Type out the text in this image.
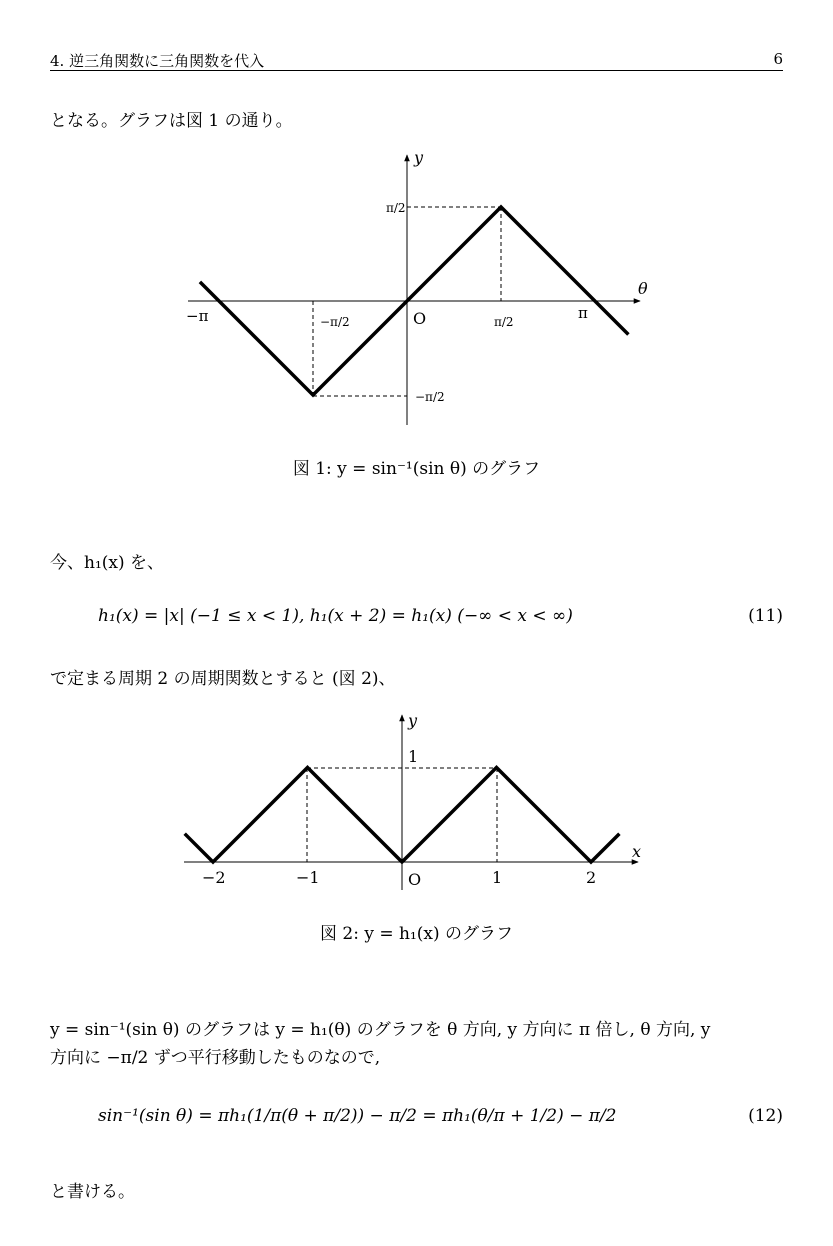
4. 逆三角関数に三角関数を代入	6
となる。グラフは図 1 の通り。
y
θ
O
−π	−π/2	π/2	π
π/2
−π/2
図 1: y = sin⁻¹(sin θ) のグラフ
今、h₁(x) を、
h₁(x) = |x| (−1 ≤ x < 1), h₁(x + 2) = h₁(x) (−∞ < x < ∞)	(11)
で定まる周期 2 の周期関数とすると (図 2)、
y
x
O
−2	−1	1	2
1
図 2: y = h₁(x) のグラフ
y = sin⁻¹(sin θ) のグラフは y = h₁(θ) のグラフを θ 方向, y 方向に π 倍し, θ 方向, y
方向に −π/2 ずつ平行移動したものなので,
sin⁻¹(sin θ) = πh₁(1/π(θ + π/2)) − π/2 = πh₁(θ/π + 1/2) − π/2	(12)
と書ける。
